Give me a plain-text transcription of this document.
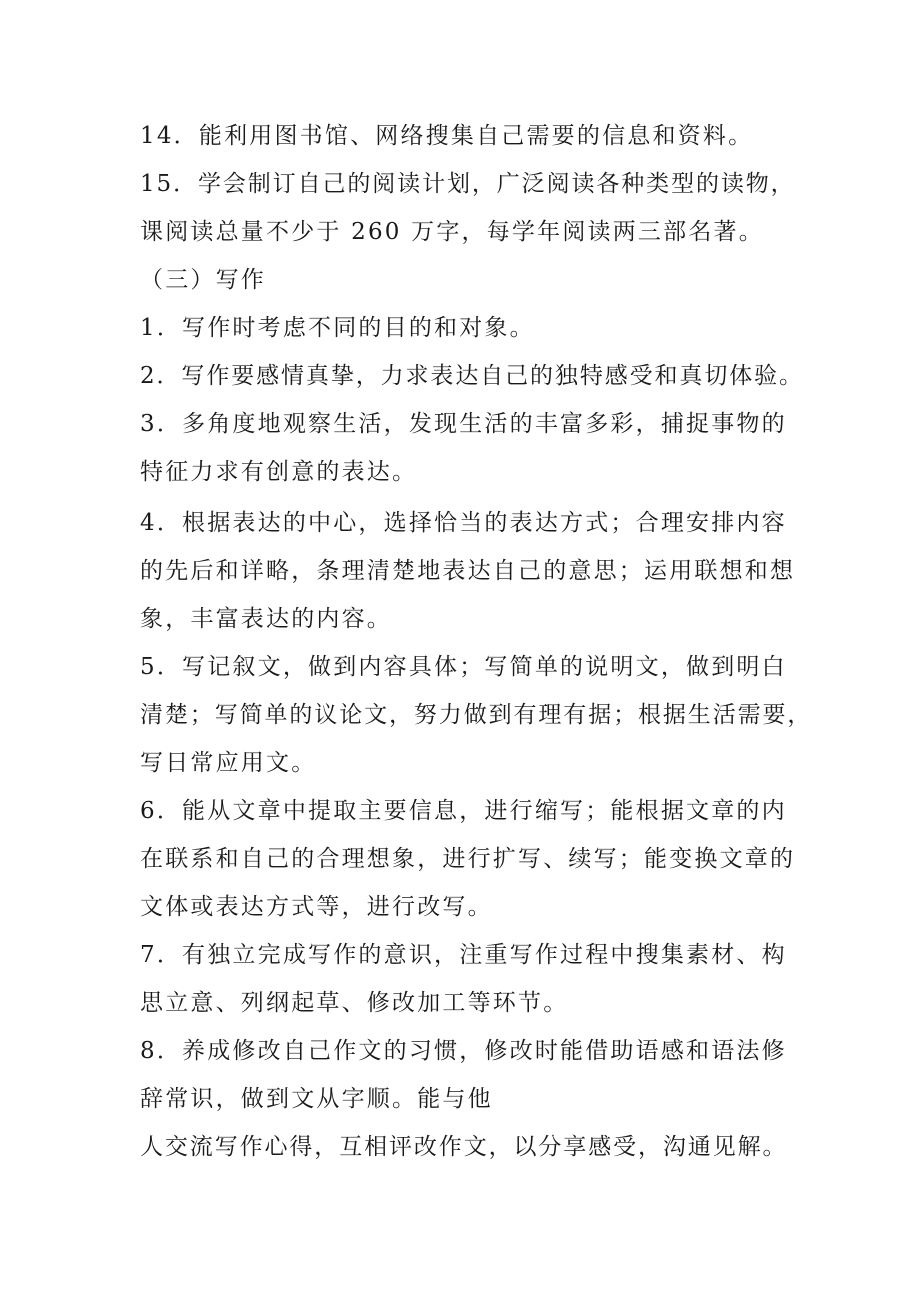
14．能利用图书馆、网络搜集自己需要的信息和资料。

15．学会制订自己的阅读计划，广泛阅读各种类型的读物，

课阅读总量不少于 260 万字，每学年阅读两三部名著。

（三）写作

1．写作时考虑不同的目的和对象。

2．写作要感情真挚，力求表达自己的独特感受和真切体验。

3．多角度地观察生活，发现生活的丰富多彩，捕捉事物的

特征力求有创意的表达。

4．根据表达的中心，选择恰当的表达方式；合理安排内容

的先后和详略，条理清楚地表达自己的意思；运用联想和想

象，丰富表达的内容。

5．写记叙文，做到内容具体；写简单的说明文，做到明白

清楚；写简单的议论文，努力做到有理有据；根据生活需要，

写日常应用文。

6．能从文章中提取主要信息，进行缩写；能根据文章的内

在联系和自己的合理想象，进行扩写、续写；能变换文章的

文体或表达方式等，进行改写。

7．有独立完成写作的意识，注重写作过程中搜集素材、构

思立意、列纲起草、修改加工等环节。

8．养成修改自己作文的习惯，修改时能借助语感和语法修

辞常识，做到文从字顺。能与他

人交流写作心得，互相评改作文，以分享感受，沟通见解。
